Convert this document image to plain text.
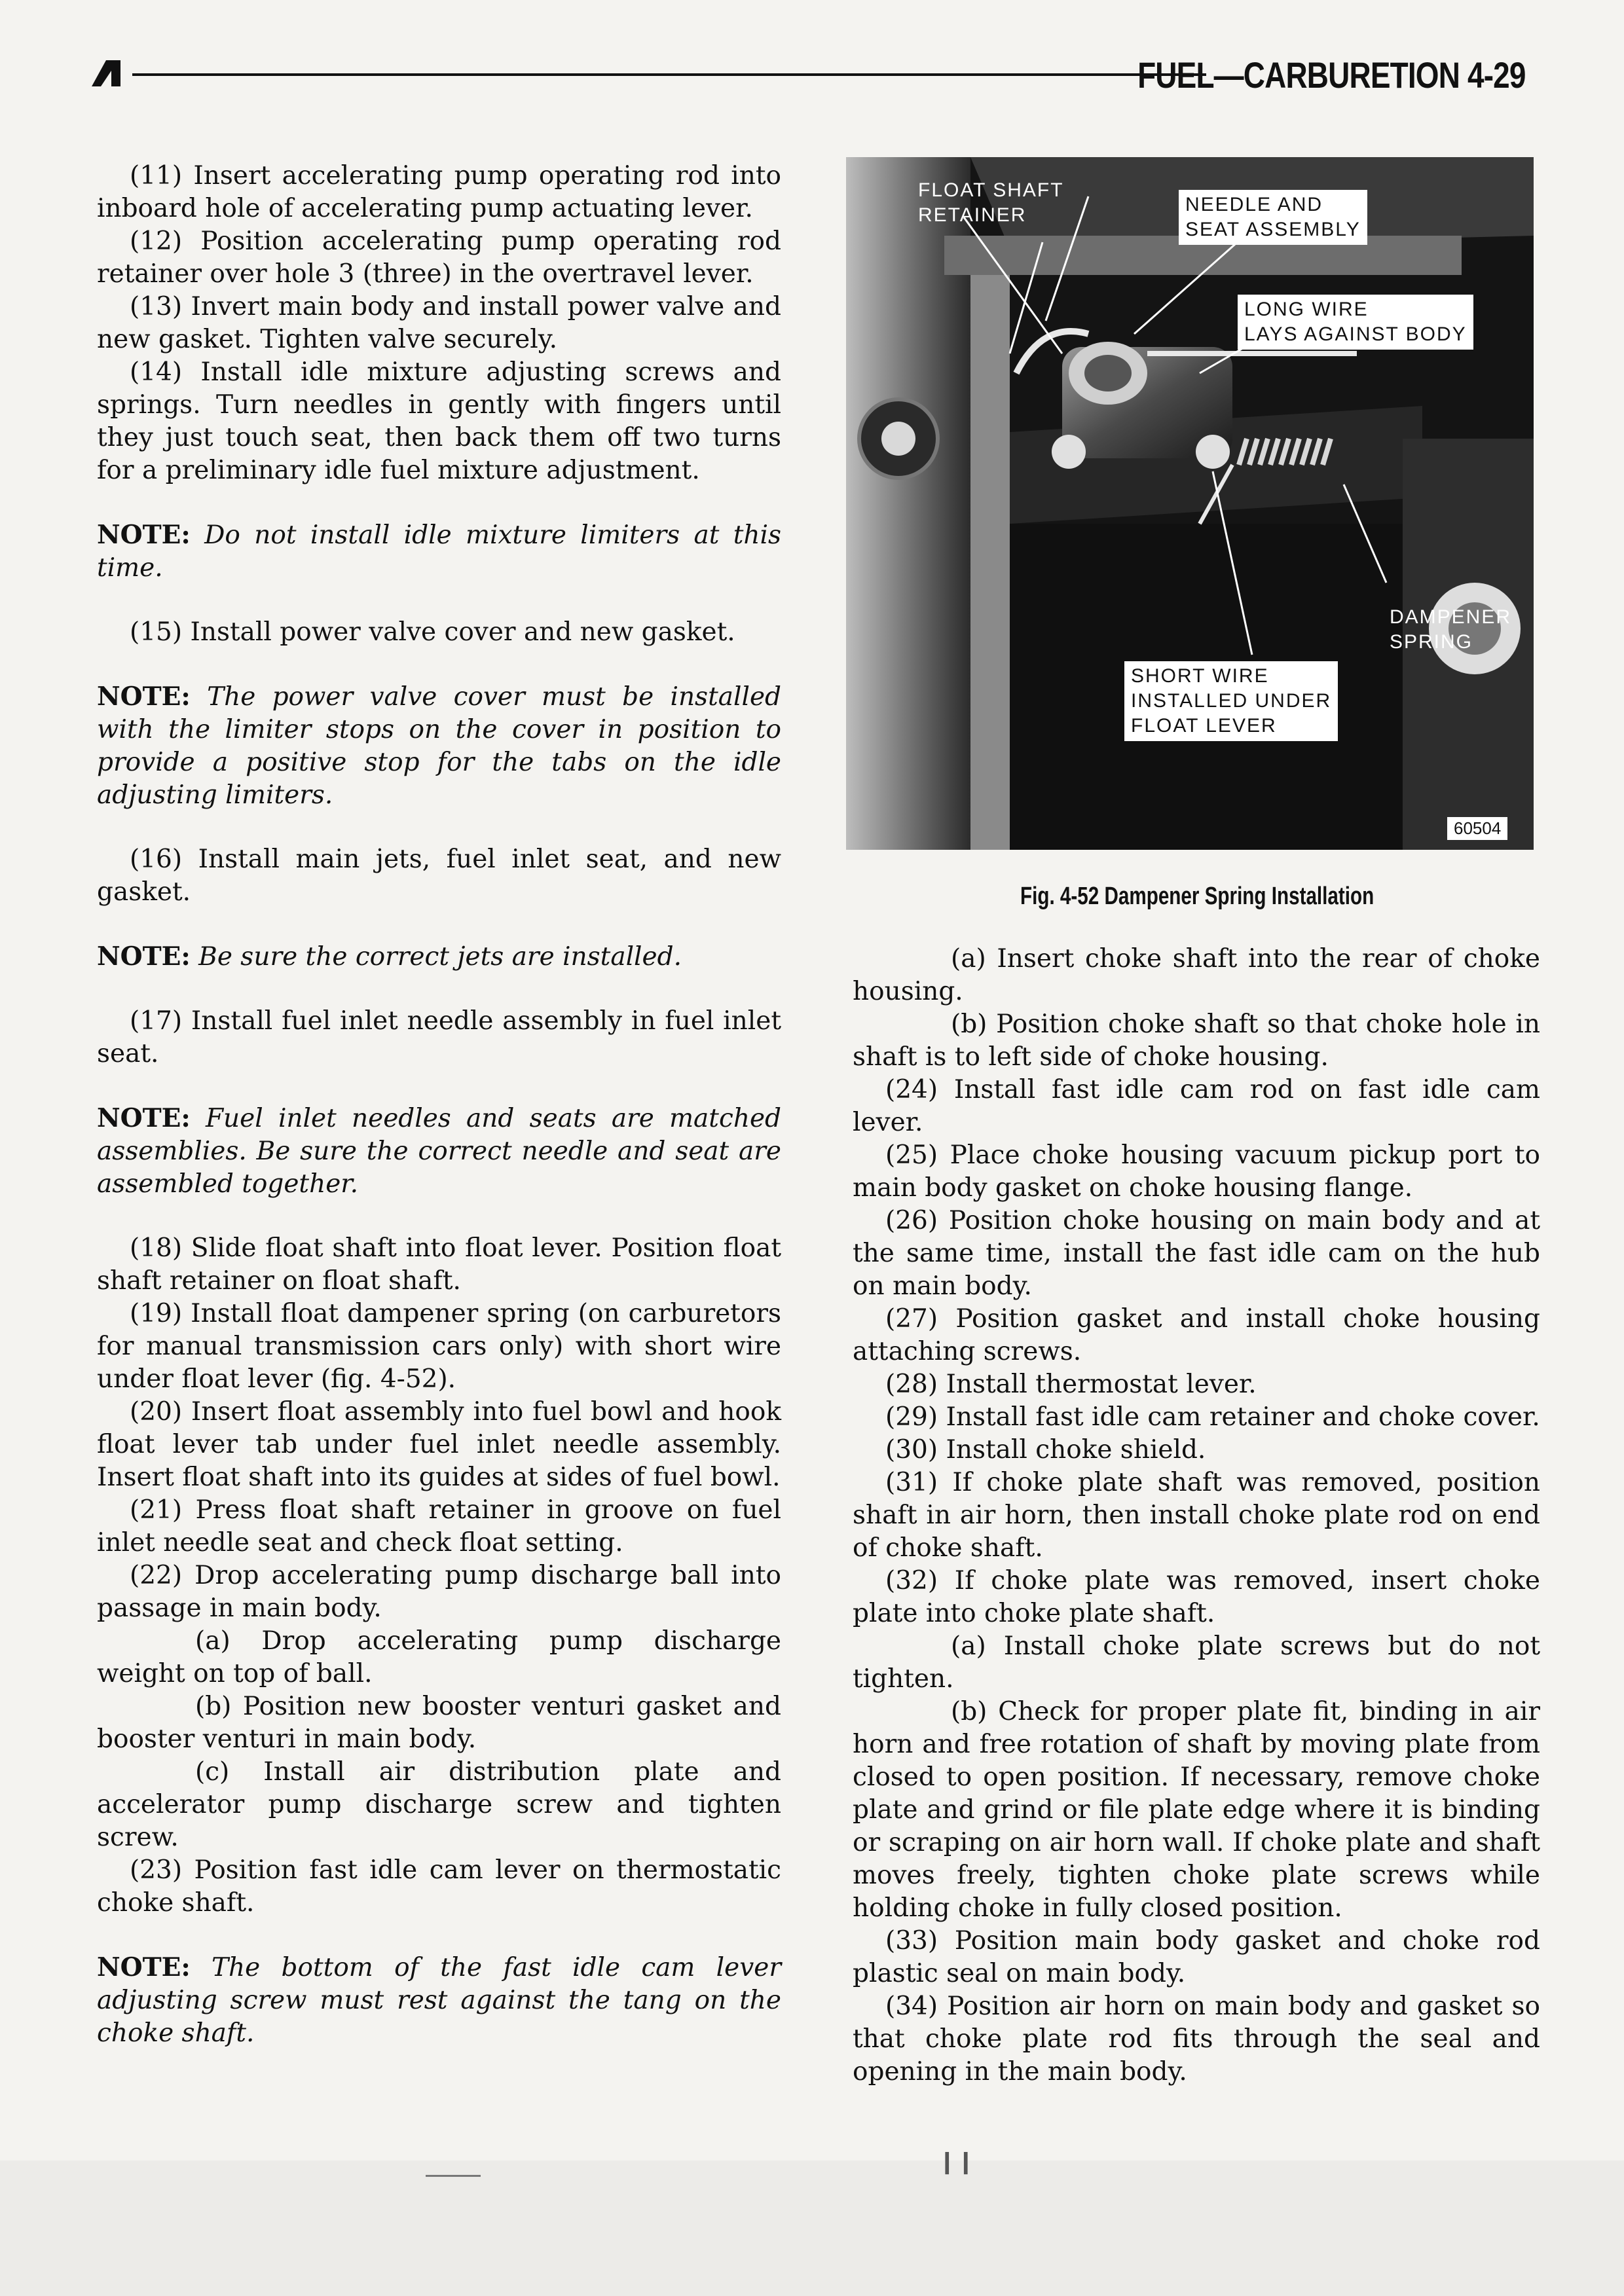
FUEL—CARBURETION 4-29

(11) Insert accelerating pump operating rod into inboard hole of accelerating pump actuating lever.

(12) Position accelerating pump operating rod retainer over hole 3 (three) in the overtravel lever.

(13) Invert main body and install power valve and new gasket. Tighten valve securely.

(14) Install idle mixture adjusting screws and springs. Turn needles in gently with fingers until they just touch seat, then back them off two turns for a preliminary idle fuel mixture adjustment.

NOTE: Do not install idle mixture limiters at this time.

(15) Install power valve cover and new gasket.

NOTE: The power valve cover must be installed with the limiter stops on the cover in position to provide a positive stop for the tabs on the idle adjusting limiters.

(16) Install main jets, fuel inlet seat, and new gasket.

NOTE: Be sure the correct jets are installed.

(17) Install fuel inlet needle assembly in fuel inlet seat.

NOTE: Fuel inlet needles and seats are matched assemblies. Be sure the correct needle and seat are assembled together.

(18) Slide float shaft into float lever. Position float shaft retainer on float shaft.

(19) Install float dampener spring (on carburetors for manual transmission cars only) with short wire under float lever (fig. 4-52).

(20) Insert float assembly into fuel bowl and hook float lever tab under fuel inlet needle assembly. Insert float shaft into its guides at sides of fuel bowl.

(21) Press float shaft retainer in groove on fuel inlet needle seat and check float setting.

(22) Drop accelerating pump discharge ball into passage in main body.

(a) Drop accelerating pump discharge weight on top of ball.

(b) Position new booster venturi gasket and booster venturi in main body.

(c) Install air distribution plate and accelerator pump discharge screw and tighten screw.

(23) Position fast idle cam lever on thermostatic choke shaft.

NOTE: The bottom of the fast idle cam lever adjusting screw must rest against the tang on the choke shaft.

FLOAT SHAFT
RETAINER	NEEDLE AND
SEAT ASSEMBLY
LONG WIRE
LAYS AGAINST BODY
DAMPENER
SPRING
SHORT WIRE
INSTALLED UNDER
FLOAT LEVER
60504
Fig. 4-52 Dampener Spring Installation

(a) Insert choke shaft into the rear of choke housing.

(b) Position choke shaft so that choke hole in shaft is to left side of choke housing.

(24) Install fast idle cam rod on fast idle cam lever.

(25) Place choke housing vacuum pickup port to main body gasket on choke housing flange.

(26) Position choke housing on main body and at the same time, install the fast idle cam on the hub on main body.

(27) Position gasket and install choke housing attaching screws.

(28) Install thermostat lever.

(29) Install fast idle cam retainer and choke cover.

(30) Install choke shield.

(31) If choke plate shaft was removed, position shaft in air horn, then install choke plate rod on end of choke shaft.

(32) If choke plate was removed, insert choke plate into choke plate shaft.

(a) Install choke plate screws but do not tighten.

(b) Check for proper plate fit, binding in air horn and free rotation of shaft by moving plate from closed to open position. If necessary, remove choke plate and grind or file plate edge where it is binding or scraping on air horn wall. If choke plate and shaft moves freely, tighten choke plate screws while holding choke in fully closed position.

(33) Position main body gasket and choke rod plastic seal on main body.

(34) Position air horn on main body and gasket so that choke plate rod fits through the seal and opening in the main body.

❙❙
